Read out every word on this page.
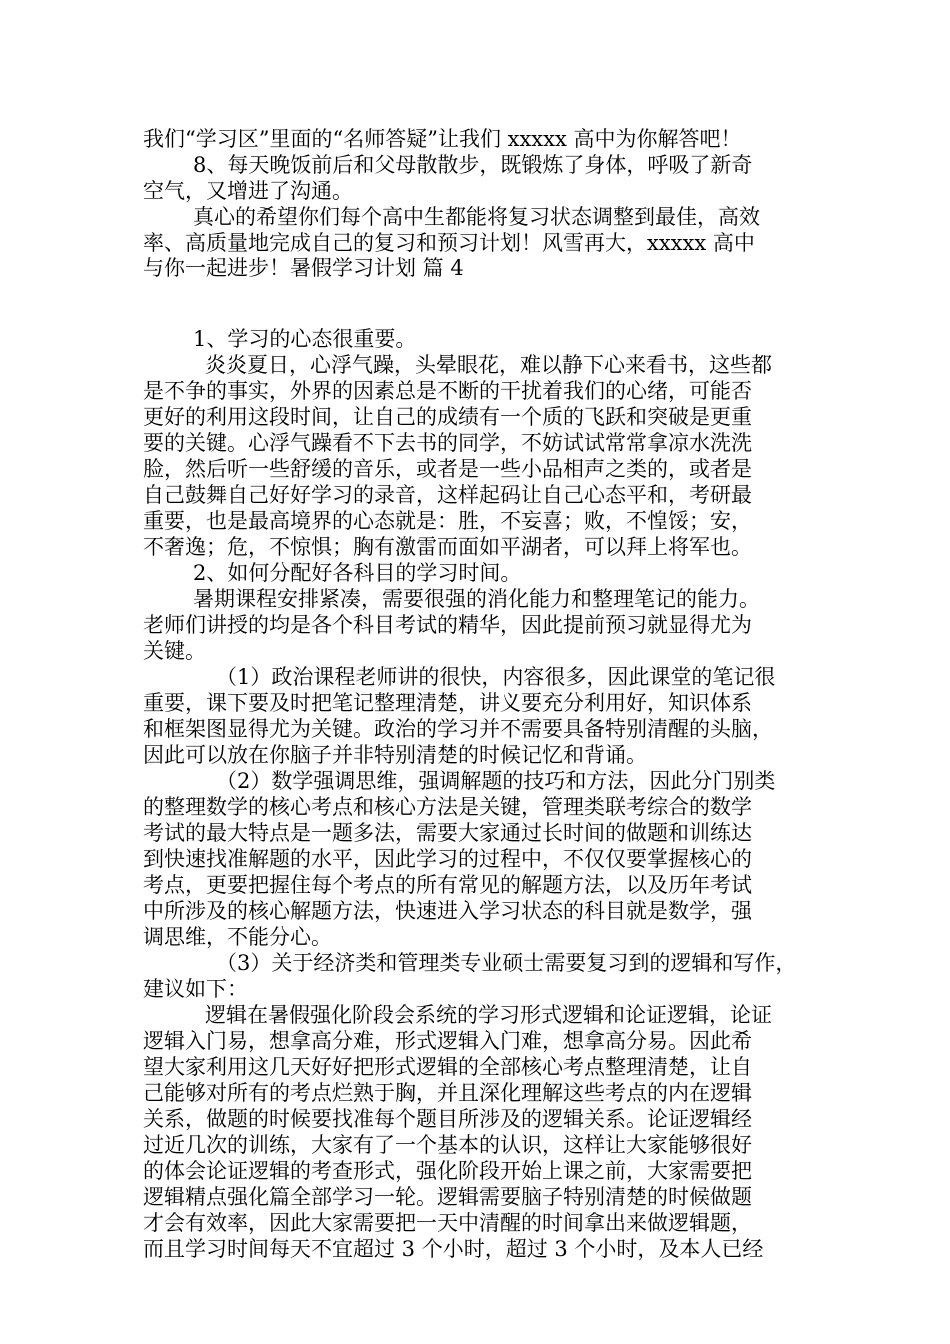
我们“学习区”里面的“名师答疑”让我们 xxxxx 高中为你解答吧！

8、每天晚饭前后和父母散散步，既锻炼了身体，呼吸了新奇

空气，又增进了沟通。

真心的希望你们每个高中生都能将复习状态调整到最佳，高效

率、高质量地完成自己的复习和预习计划！风雪再大，xxxxx 高中

与你一起进步！暑假学习计划 篇 4

1、学习的心态很重要。

炎炎夏日，心浮气躁，头晕眼花，难以静下心来看书，这些都

是不争的事实，外界的因素总是不断的干扰着我们的心绪，可能否

更好的利用这段时间，让自己的成绩有一个质的飞跃和突破是更重

要的关键。心浮气躁看不下去书的同学，不妨试试常常拿凉水洗洗

脸，然后听一些舒缓的音乐，或者是一些小品相声之类的，或者是

自己鼓舞自己好好学习的录音，这样起码让自己心态平和，考研最

重要，也是最高境界的心态就是：胜，不妄喜；败，不惶馁；安，

不奢逸；危，不惊惧；胸有激雷而面如平湖者，可以拜上将军也。

2、如何分配好各科目的学习时间。

暑期课程安排紧凑，需要很强的消化能力和整理笔记的能力。

老师们讲授的均是各个科目考试的精华，因此提前预习就显得尤为

关键。

（1）政治课程老师讲的很快，内容很多，因此课堂的笔记很

重要，课下要及时把笔记整理清楚，讲义要充分利用好，知识体系

和框架图显得尤为关键。政治的学习并不需要具备特别清醒的头脑，

因此可以放在你脑子并非特别清楚的时候记忆和背诵。

（2）数学强调思维，强调解题的技巧和方法，因此分门别类

的整理数学的核心考点和核心方法是关键，管理类联考综合的数学

考试的最大特点是一题多法，需要大家通过长时间的做题和训练达

到快速找准解题的水平，因此学习的过程中，不仅仅要掌握核心的

考点，更要把握住每个考点的所有常见的解题方法，以及历年考试

中所涉及的核心解题方法，快速进入学习状态的科目就是数学，强

调思维，不能分心。

（3）关于经济类和管理类专业硕士需要复习到的逻辑和写作，

建议如下：

逻辑在暑假强化阶段会系统的学习形式逻辑和论证逻辑，论证

逻辑入门易，想拿高分难，形式逻辑入门难，想拿高分易。因此希

望大家利用这几天好好把形式逻辑的全部核心考点整理清楚，让自

己能够对所有的考点烂熟于胸，并且深化理解这些考点的内在逻辑

关系，做题的时候要找准每个题目所涉及的逻辑关系。论证逻辑经

过近几次的训练，大家有了一个基本的认识，这样让大家能够很好

的体会论证逻辑的考查形式，强化阶段开始上课之前，大家需要把

逻辑精点强化篇全部学习一轮。逻辑需要脑子特别清楚的时候做题

才会有效率，因此大家需要把一天中清醒的时间拿出来做逻辑题，

而且学习时间每天不宜超过 3 个小时，超过 3 个小时，及本人已经
